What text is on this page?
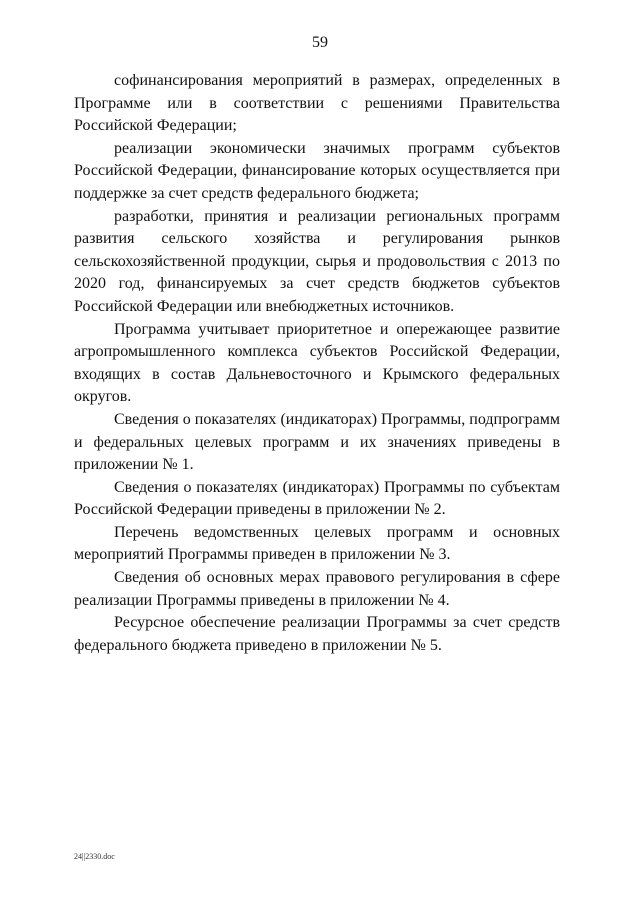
59

софинансирования мероприятий в размерах, определенных в Программе или в соответствии с решениями Правительства Российской Федерации;

реализации экономически значимых программ субъектов Российской Федерации, финансирование которых осуществляется при поддержке за счет средств федерального бюджета;

разработки, принятия и реализации региональных программ развития сельского хозяйства и регулирования рынков сельскохозяйственной продукции, сырья и продовольствия с 2013 по 2020 год, финансируемых за счет средств бюджетов субъектов Российской Федерации или внебюджетных источников.

Программа учитывает приоритетное и опережающее развитие агропромышленного комплекса субъектов Российской Федерации, входящих в состав Дальневосточного и Крымского федеральных округов.

Сведения о показателях (индикаторах) Программы, подпрограмм и федеральных целевых программ и их значениях приведены в приложении № 1.

Сведения о показателях (индикаторах) Программы по субъектам Российской Федерации приведены в приложении № 2.

Перечень ведомственных целевых программ и основных мероприятий Программы приведен в приложении № 3.

Сведения об основных мерах правового регулирования в сфере реализации Программы приведены в приложении № 4.

Ресурсное обеспечение реализации Программы за счет средств федерального бюджета приведено в приложении № 5.

24||2330.doc
